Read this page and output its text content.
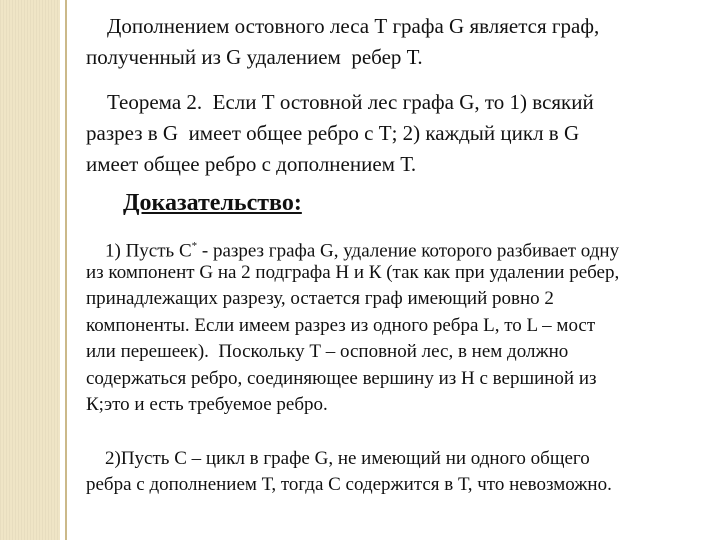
Дополнением остовного леса Т графа G является граф,

полученный из G удалением  ребер Т.

Теорема 2.  Если Т остовной лес графа G, то 1) всякий

разрез в G  имеет общее ребро с Т; 2) каждый цикл в G

имеет общее ребро с дополнением Т.

Доказательство:

1) Пусть С* - разрез графа G, удаление которого разбивает одну

из компонент G на 2 подграфа Н и К (так как при удалении ребер,

принадлежащих разрезу, остается граф имеющий ровно 2

компоненты. Если имеем разрез из одного ребра L, то L – мост

или перешеек).  Поскольку Т – осповной лес, в нем должно

содержаться ребро, соединяющее вершину из Н с вершиной из

К;это и есть требуемое ребро.

2)Пусть С – цикл в графе G, не имеющий ни одного общего

ребра с дополнением Т, тогда С содержится в Т, что невозможно.
